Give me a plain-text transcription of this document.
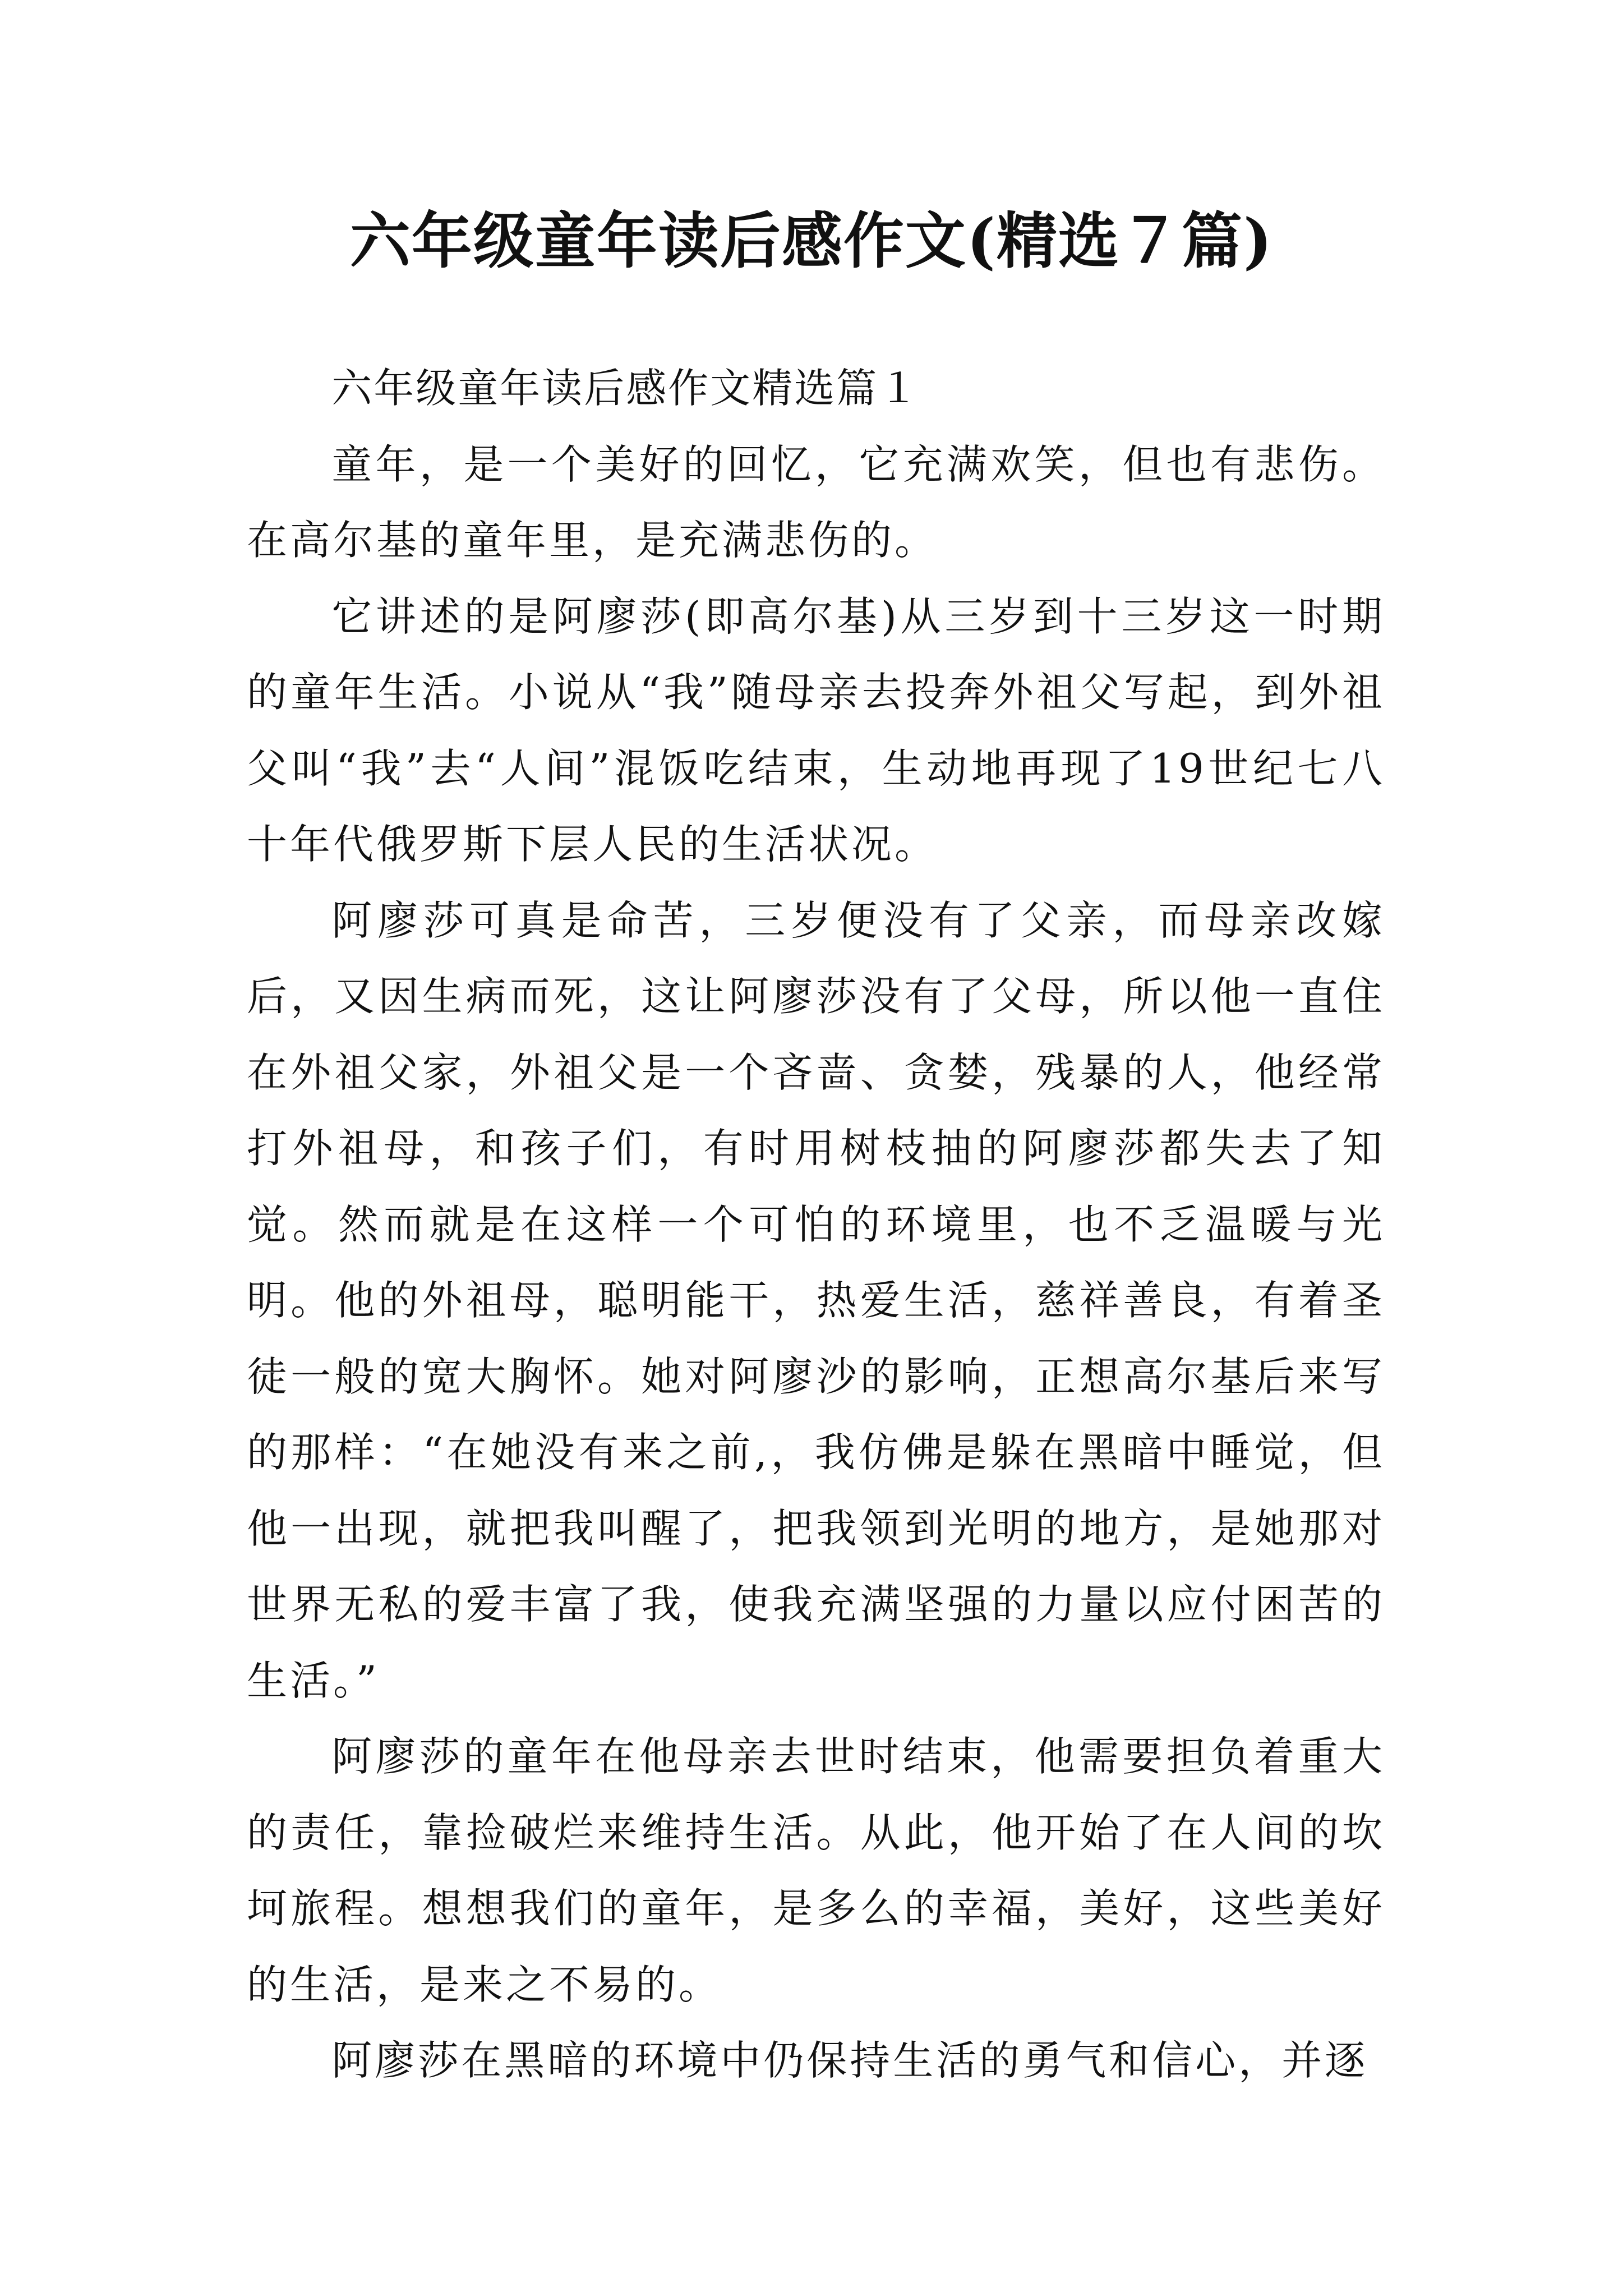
六年级童年读后感作文(精选７篇)

六年级童年读后感作文精选篇１

童年，是一个美好的回忆，它充满欢笑，但也有悲伤。在高尔基的童年里，是充满悲伤的。

它讲述的是阿廖莎(即高尔基)从三岁到十三岁这一时期的童年生活。小说从“我”随母亲去投奔外祖父写起，到外祖父叫“我”去“人间”混饭吃结束，生动地再现了19世纪七八十年代俄罗斯下层人民的生活状况。

阿廖莎可真是命苦，三岁便没有了父亲，而母亲改嫁后，又因生病而死，这让阿廖莎没有了父母，所以他一直住在外祖父家，外祖父是一个吝啬、贪婪，残暴的人，他经常打外祖母，和孩子们，有时用树枝抽的阿廖莎都失去了知觉。然而就是在这样一个可怕的环境里，也不乏温暖与光明。他的外祖母，聪明能干，热爱生活，慈祥善良，有着圣徒一般的宽大胸怀。她对阿廖沙的影响，正想高尔基后来写的那样：“在她没有来之前,，我仿佛是躲在黑暗中睡觉，但他一出现，就把我叫醒了，把我领到光明的地方，是她那对世界无私的爱丰富了我，使我充满坚强的力量以应付困苦的生活。”

阿廖莎的童年在他母亲去世时结束，他需要担负着重大的责任，靠捡破烂来维持生活。从此，他开始了在人间的坎坷旅程。想想我们的童年，是多么的幸福，美好，这些美好的生活，是来之不易的。

阿廖莎在黑暗的环境中仍保持生活的勇气和信心，并逐
